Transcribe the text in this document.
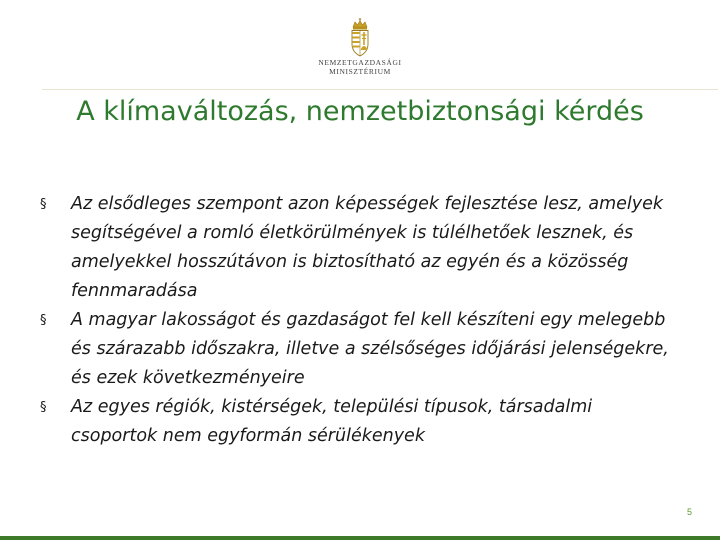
NEMZETGAZDASÁGI
MINISZTÉRIUM
A klímaváltozás, nemzetbiztonsági kérdés

§ Az elsődleges szempont azon képességek fejlesztése lesz, amelyek segítségével a romló életkörülmények is túlélhetőek lesznek, és amelyekkel hosszútávon is biztosítható az egyén és a közösség fennmaradása

§ A magyar lakosságot és gazdaságot fel kell készíteni egy melegebb és szárazabb időszakra, illetve a szélsőséges időjárási jelenségekre, és ezek következményeire

§ Az egyes régiók, kistérségek, települési típusok, társadalmi csoportok nem egyformán sérülékenyek

5
